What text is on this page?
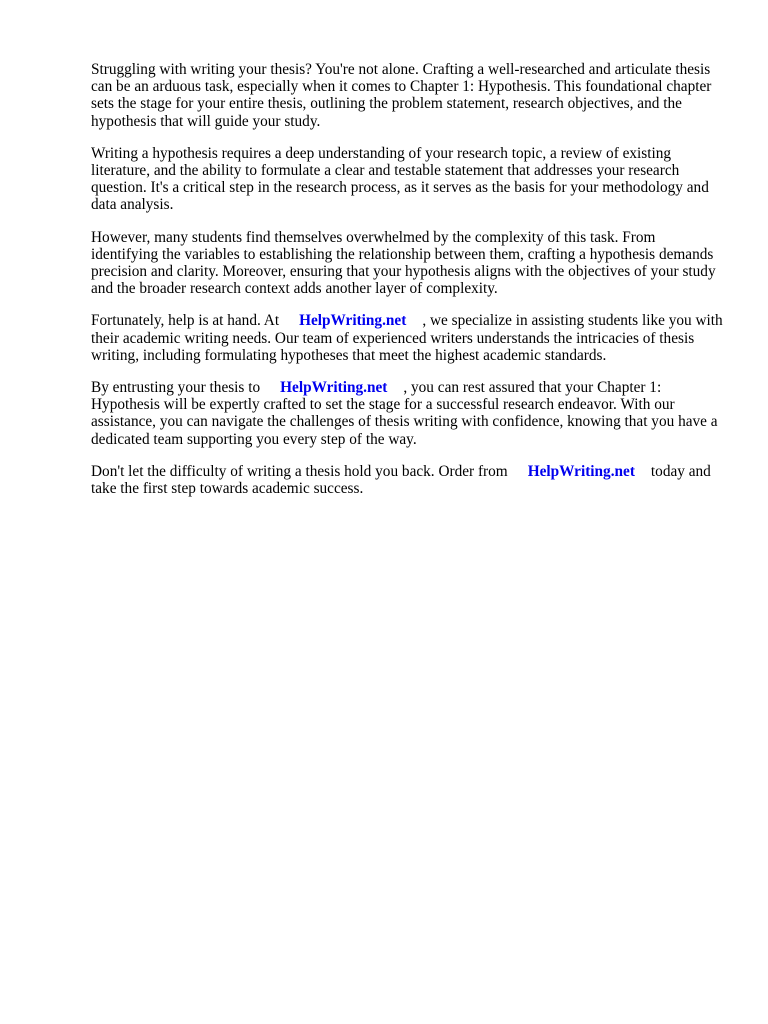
Struggling with writing your thesis? You're not alone. Crafting a well-researched and articulate thesis can be an arduous task, especially when it comes to Chapter 1: Hypothesis. This foundational chapter sets the stage for your entire thesis, outlining the problem statement, research objectives, and the hypothesis that will guide your study.

Writing a hypothesis requires a deep understanding of your research topic, a review of existing literature, and the ability to formulate a clear and testable statement that addresses your research question. It's a critical step in the research process, as it serves as the basis for your methodology and data analysis.

However, many students find themselves overwhelmed by the complexity of this task. From identifying the variables to establishing the relationship between them, crafting a hypothesis demands precision and clarity. Moreover, ensuring that your hypothesis aligns with the objectives of your study and the broader research context adds another layer of complexity.

Fortunately, help is at hand. At HelpWriting.net , we specialize in assisting students like you with their academic writing needs. Our team of experienced writers understands the intricacies of thesis writing, including formulating hypotheses that meet the highest academic standards.

By entrusting your thesis to HelpWriting.net , you can rest assured that your Chapter 1: Hypothesis will be expertly crafted to set the stage for a successful research endeavor. With our assistance, you can navigate the challenges of thesis writing with confidence, knowing that you have a dedicated team supporting you every step of the way.

Don't let the difficulty of writing a thesis hold you back. Order from HelpWriting.net today and take the first step towards academic success.
